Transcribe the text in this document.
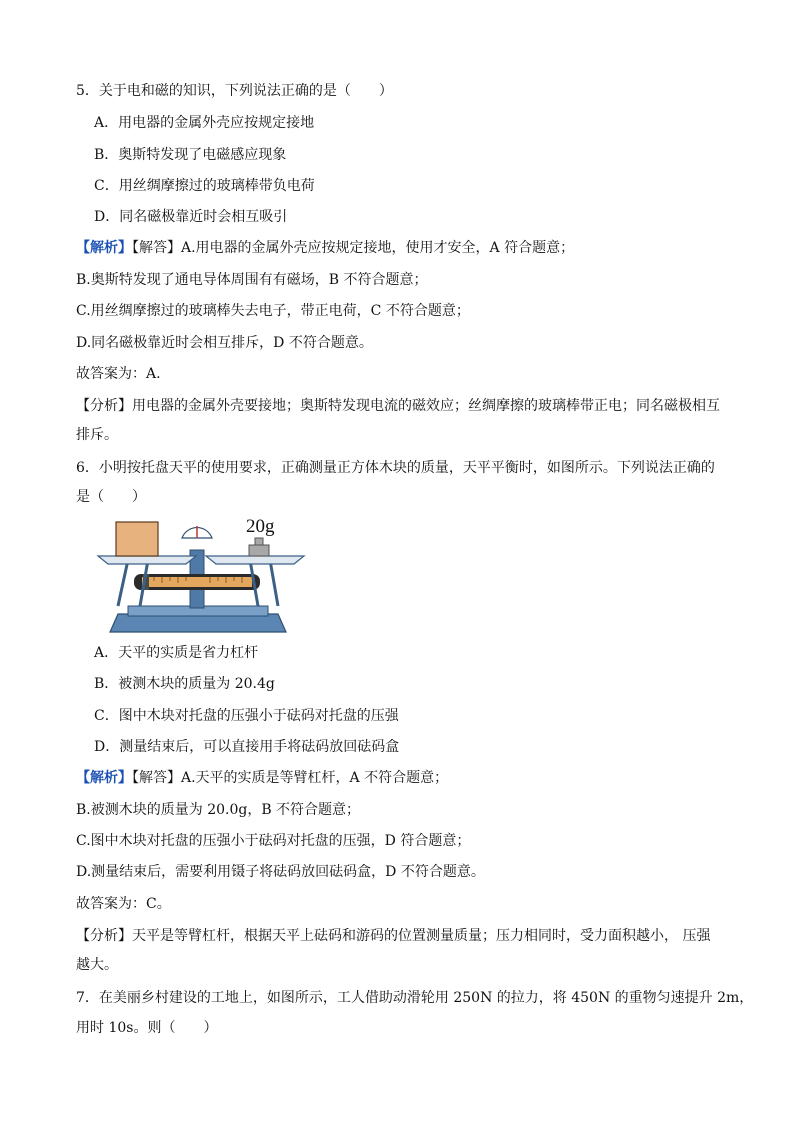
5．关于电和磁的知识，下列说法正确的是（　　）
A．用电器的金属外壳应按规定接地
B．奥斯特发现了电磁感应现象
C．用丝绸摩擦过的玻璃棒带负电荷
D．同名磁极靠近时会相互吸引
【解析】【解答】A.用电器的金属外壳应按规定接地，使用才安全，A 符合题意；
B.奥斯特发现了通电导体周围有有磁场，B 不符合题意；
C.用丝绸摩擦过的玻璃棒失去电子，带正电荷，C 不符合题意；
D.同名磁极靠近时会相互排斥，D 不符合题意。
故答案为：A.
【分析】用电器的金属外壳要接地；奥斯特发现电流的磁效应；丝绸摩擦的玻璃棒带正电；同名磁极相互
排斥。
6．小明按托盘天平的使用要求，正确测量正方体木块的质量，天平平衡时，如图所示。下列说法正确的
是（　　）
20g
A．天平的实质是省力杠杆
B．被测木块的质量为 20.4g
C．图中木块对托盘的压强小于砝码对托盘的压强
D．测量结束后，可以直接用手将砝码放回砝码盒
【解析】【解答】A.天平的实质是等臂杠杆，A 不符合题意；
B.被测木块的质量为 20.0g，B 不符合题意；
C.图中木块对托盘的压强小于砝码对托盘的压强，D 符合题意；
D.测量结束后，需要利用镊子将砝码放回砝码盒，D 不符合题意。
故答案为：C。
【分析】天平是等臂杠杆，根据天平上砝码和游码的位置测量质量；压力相同时，受力面积越小， 压强
越大。
7．在美丽乡村建设的工地上，如图所示，工人借助动滑轮用 250N 的拉力，将 450N 的重物匀速提升 2m，
用时 10s。则（　　）
